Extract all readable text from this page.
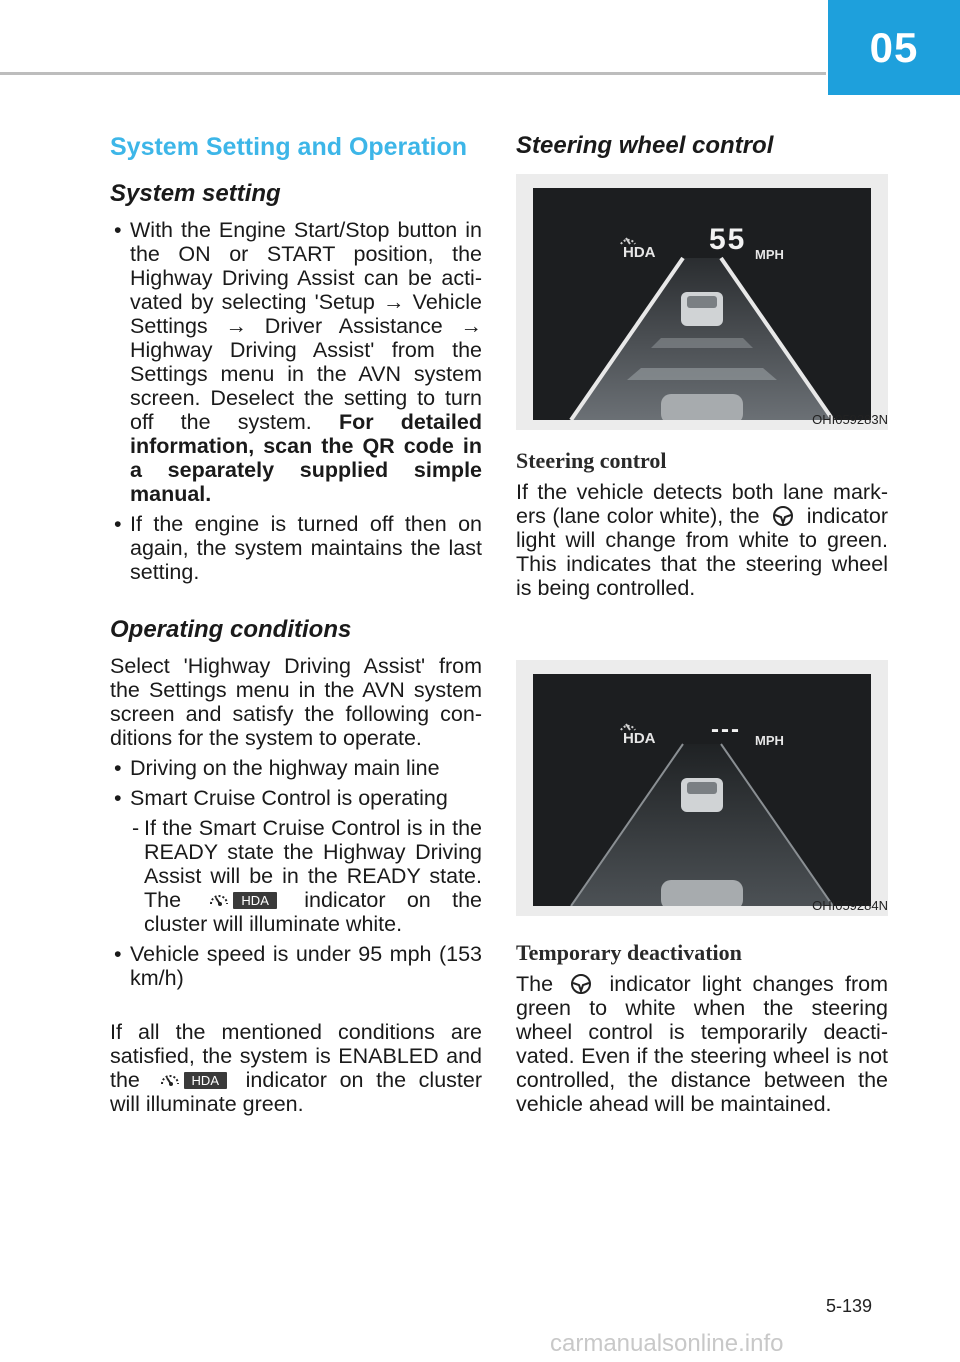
05
System Setting and Operation
System setting
• With the Engine Start/Stop button in the ON or START position, the Highway Driving Assist can be activated by selecting 'Setup → Vehicle Settings → Driver Assistance → Highway Driving Assist' from the Settings menu in the AVN system screen. Deselect the setting to turn off the system. For detailed information, scan the QR code in a separately supplied simple manual.
• If the engine is turned off then on again, the system maintains the last setting.
Operating conditions

Select 'Highway Driving Assist' from the Settings menu in the AVN system screen and satisfy the following conditions for the system to operate.

• Driving on the highway main line
• Smart Cruise Control is operating
- If the Smart Cruise Control is in the READY state the Highway Driving Assist will be in the READY state. The	HDA	indicator on the cluster will illuminate white.
• Vehicle speed is under 95 mph (153 km/h)

If all the mentioned conditions are satisfied, the system is ENABLED and the	HDA	indicator on the cluster will illuminate green.

Steering wheel control
HDA 55 MPH
OHI059283N
Steering control

If the vehicle detects both lane markers (lane color white), the indicator light will change from white to green. This indicates that the steering wheel is being controlled.

HDA --- MPH
OHI059284N
Temporary deactivation

The	indicator light changes from green to white when the steering wheel control is temporarily deactivated. Even if the steering wheel is not controlled, the distance between the vehicle ahead will be maintained.

5-139
carmanualsonline.info
